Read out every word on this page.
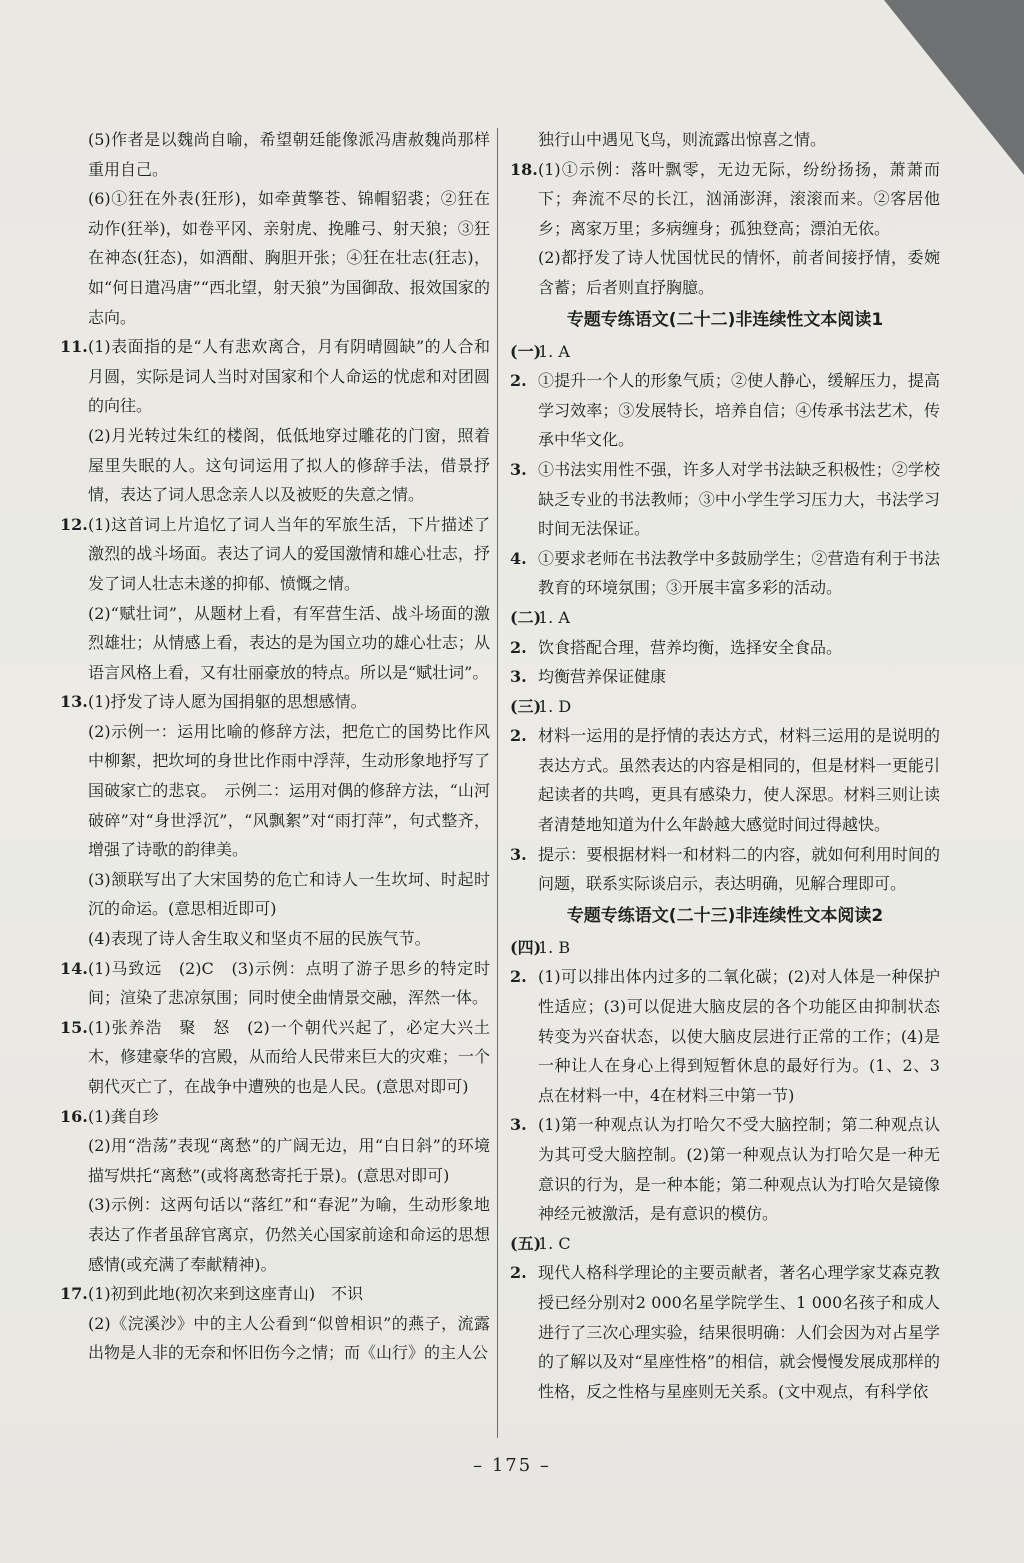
(5)作者是以魏尚自喻，希望朝廷能像派冯唐赦魏尚那样重用自己。
(6)①狂在外表(狂形)，如牵黄擎苍、锦帽貂裘；②狂在动作(狂举)，如卷平冈、亲射虎、挽雕弓、射天狼；③狂在神态(狂态)，如酒酣、胸胆开张；④狂在壮志(狂志)，如“何日遣冯唐”“西北望，射天狼”为国御敌、报效国家的志向。
11. (1)表面指的是“人有悲欢离合，月有阴晴圆缺”的人合和月圆，实际是词人当时对国家和个人命运的忧虑和对团圆的向往。
(2)月光转过朱红的楼阁，低低地穿过雕花的门窗，照着屋里失眠的人。这句词运用了拟人的修辞手法，借景抒情，表达了词人思念亲人以及被贬的失意之情。
12. (1)这首词上片追忆了词人当年的军旅生活，下片描述了激烈的战斗场面。表达了词人的爱国激情和雄心壮志，抒发了词人壮志未遂的抑郁、愤慨之情。
(2)“赋壮词”，从题材上看，有军营生活、战斗场面的激烈雄壮；从情感上看，表达的是为国立功的雄心壮志；从语言风格上看，又有壮丽豪放的特点。所以是“赋壮词”。
13. (1)抒发了诗人愿为国捐躯的思想感情。
(2)示例一：运用比喻的修辞方法，把危亡的国势比作风中柳絮，把坎坷的身世比作雨中浮萍，生动形象地抒写了国破家亡的悲哀。　示例二：运用对偶的修辞方法，“山河破碎”对“身世浮沉”，“风飘絮”对“雨打萍”，句式整齐，增强了诗歌的韵律美。
(3)颔联写出了大宋国势的危亡和诗人一生坎坷、时起时沉的命运。(意思相近即可)
(4)表现了诗人舍生取义和坚贞不屈的民族气节。
14. (1)马致远　(2)C　(3)示例：点明了游子思乡的特定时间；渲染了悲凉氛围；同时使全曲情景交融，浑然一体。
15. (1)张养浩　聚　怒　(2)一个朝代兴起了，必定大兴土木，修建豪华的宫殿，从而给人民带来巨大的灾难；一个朝代灭亡了，在战争中遭殃的也是人民。(意思对即可)
16. (1)龚自珍
(2)用“浩荡”表现“离愁”的广阔无边，用“白日斜”的环境描写烘托“离愁”(或将离愁寄托于景)。(意思对即可)
(3)示例：这两句话以“落红”和“春泥”为喻，生动形象地表达了作者虽辞官离京，仍然关心国家前途和命运的思想感情(或充满了奉献精神)。
17. (1)初到此地(初次来到这座青山)　不识
(2)《浣溪沙》中的主人公看到“似曾相识”的燕子，流露出物是人非的无奈和怀旧伤今之情；而《山行》的主人公
独行山中遇见飞鸟，则流露出惊喜之情。
18. (1)①示例：落叶飘零，无边无际，纷纷扬扬，萧萧而下；奔流不尽的长江，汹涌澎湃，滚滚而来。②客居他乡；离家万里；多病缠身；孤独登高；漂泊无依。
(2)都抒发了诗人忧国忧民的情怀，前者间接抒情，委婉含蓄；后者则直抒胸臆。
专题专练语文(二十二)非连续性文本阅读1
(一)
1. A
2. ①提升一个人的形象气质；②使人静心，缓解压力，提高学习效率；③发展特长，培养自信；④传承书法艺术，传承中华文化。
3. ①书法实用性不强，许多人对学书法缺乏积极性；②学校缺乏专业的书法教师；③中小学生学习压力大，书法学习时间无法保证。
4. ①要求老师在书法教学中多鼓励学生；②营造有利于书法教育的环境氛围；③开展丰富多彩的活动。
(二)
1. A
2. 饮食搭配合理，营养均衡，选择安全食品。
3. 均衡营养保证健康
(三)
1. D
2. 材料一运用的是抒情的表达方式，材料三运用的是说明的表达方式。虽然表达的内容是相同的，但是材料一更能引起读者的共鸣，更具有感染力，使人深思。材料三则让读者清楚地知道为什么年龄越大感觉时间过得越快。
3. 提示：要根据材料一和材料二的内容，就如何利用时间的问题，联系实际谈启示，表达明确，见解合理即可。
专题专练语文(二十三)非连续性文本阅读2
(四)
1. B
2. (1)可以排出体内过多的二氧化碳；(2)对人体是一种保护性适应；(3)可以促进大脑皮层的各个功能区由抑制状态转变为兴奋状态，以使大脑皮层进行正常的工作；(4)是一种让人在身心上得到短暂休息的最好行为。(1、2、3点在材料一中，4在材料三中第一节)
3. (1)第一种观点认为打哈欠不受大脑控制；第二种观点认为其可受大脑控制。(2)第一种观点认为打哈欠是一种无意识的行为，是一种本能；第二种观点认为打哈欠是镜像神经元被激活，是有意识的模仿。
(五)
1. C
2. 现代人格科学理论的主要贡献者，著名心理学家艾森克教授已经分别对2 000名星学院学生、1 000名孩子和成人进行了三次心理实验，结果很明确：人们会因为对占星学的了解以及对“星座性格”的相信，就会慢慢发展成那样的性格，反之性格与星座则无关系。(文中观点，有科学依
– 175 –
